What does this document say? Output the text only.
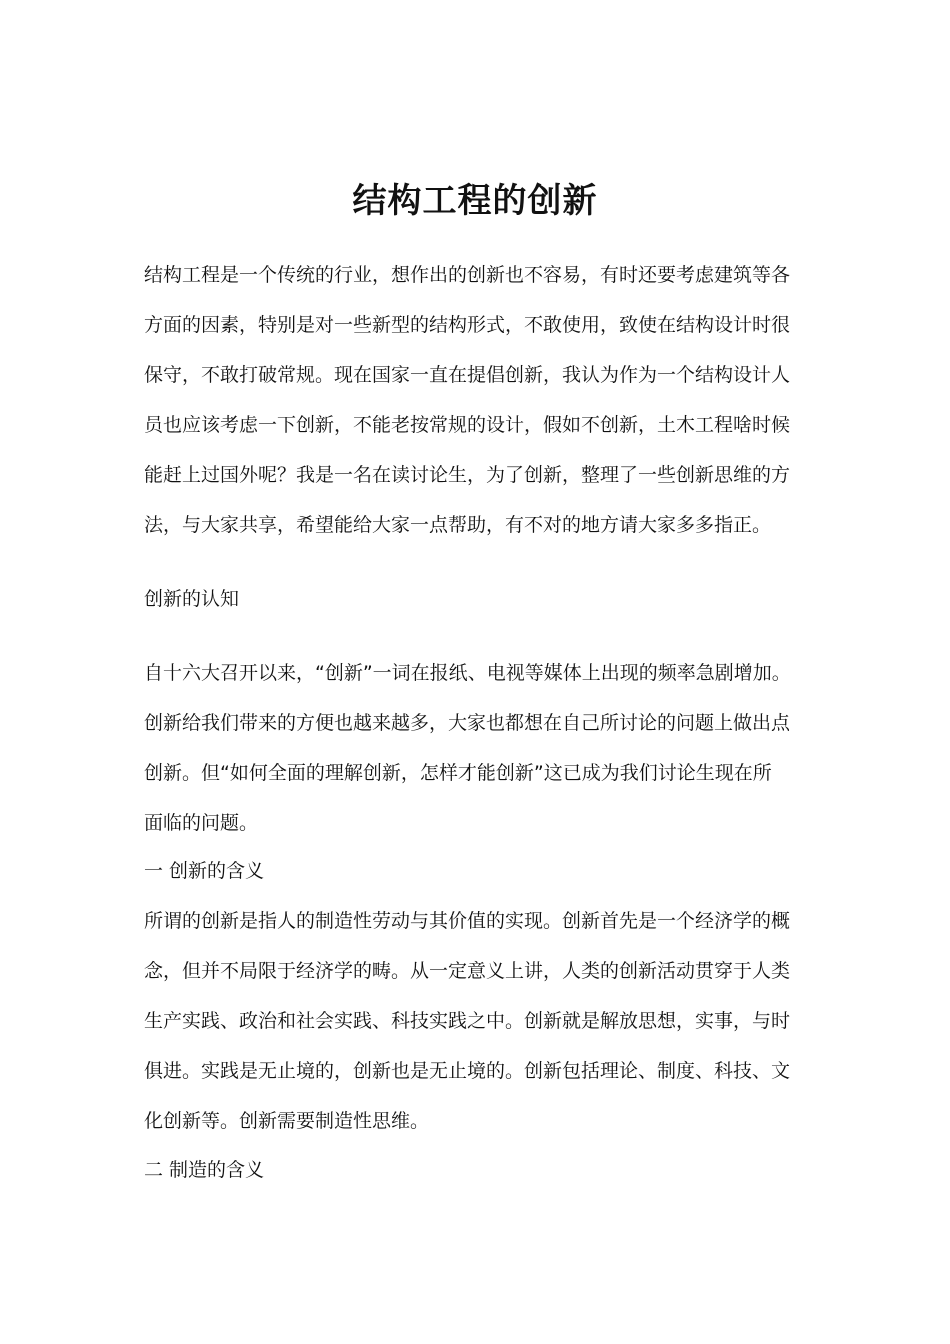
结构工程的创新
结构工程是一个传统的行业，想作出的创新也不容易，有时还要考虑建筑等各
方面的因素，特别是对一些新型的结构形式，不敢使用，致使在结构设计时很
保守，不敢打破常规。现在国家一直在提倡创新，我认为作为一个结构设计人
员也应该考虑一下创新，不能老按常规的设计，假如不创新，土木工程啥时候
能赶上过国外呢？我是一名在读讨论生，为了创新，整理了一些创新思维的方
法，与大家共享，希望能给大家一点帮助，有不对的地方请大家多多指正。
创新的认知
自十六大召开以来，“创新”一词在报纸、电视等媒体上出现的频率急剧增加。
创新给我们带来的方便也越来越多，大家也都想在自己所讨论的问题上做出点
创新。但“如何全面的理解创新，怎样才能创新”这已成为我们讨论生现在所
面临的问题。
一 创新的含义
所谓的创新是指人的制造性劳动与其价值的实现。创新首先是一个经济学的概
念，但并不局限于经济学的畴。从一定意义上讲，人类的创新活动贯穿于人类
生产实践、政治和社会实践、科技实践之中。创新就是解放思想，实事，与时
俱进。实践是无止境的，创新也是无止境的。创新包括理论、制度、科技、文
化创新等。创新需要制造性思维。
二 制造的含义
